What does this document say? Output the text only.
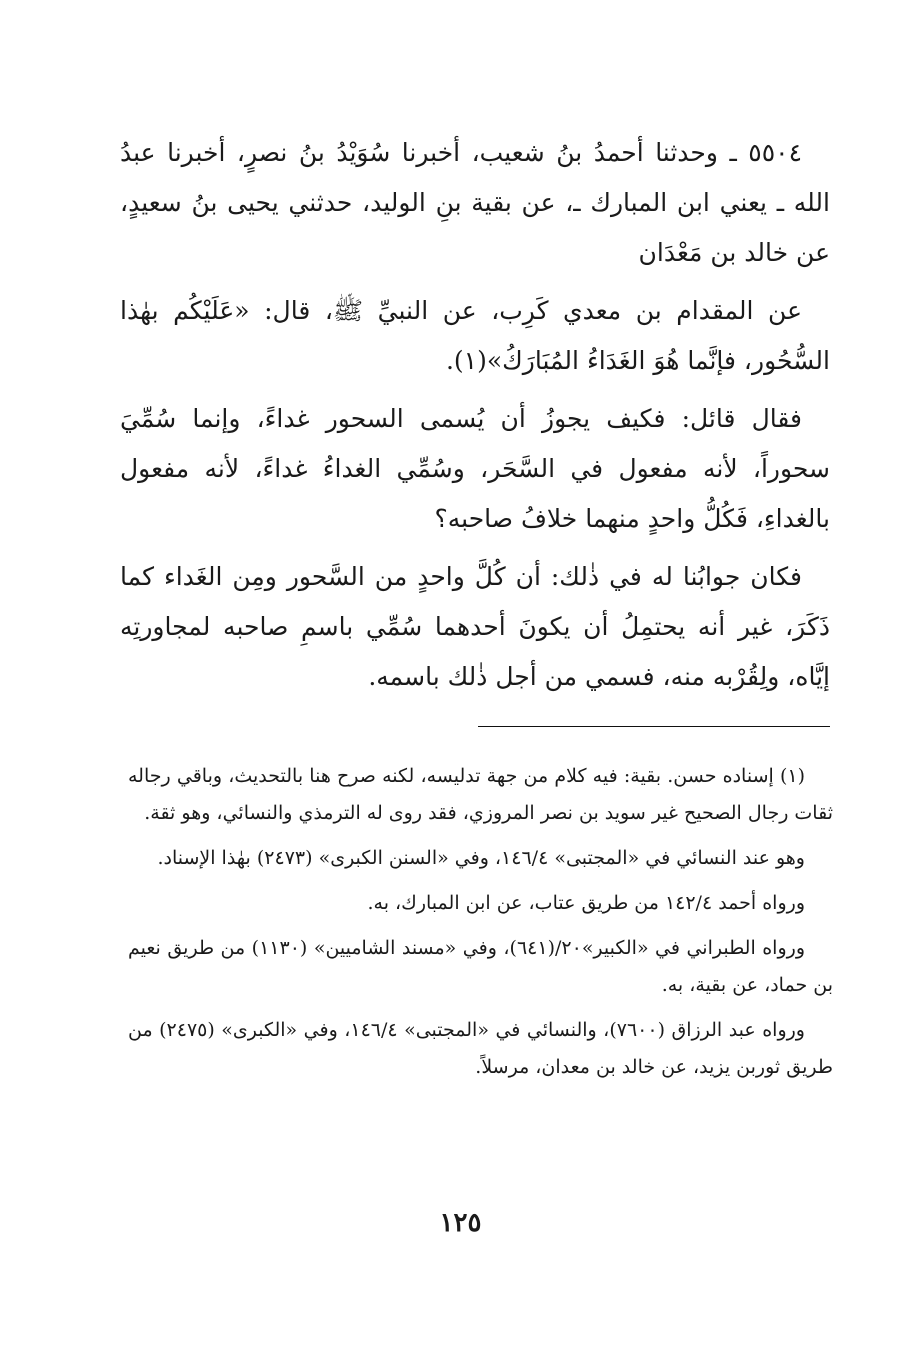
٥٥٠٤ ـ وحدثنا أحمدُ بنُ شعيب، أخبرنا سُوَيْدُ بنُ نصرٍ، أخبرنا عبدُ الله ـ يعني ابن المبارك ـ، عن بقية بنِ الوليد، حدثني يحيى بنُ سعيدٍ، عن خالد بن مَعْدَان

عن المقدام بن معدي كَرِب، عن النبيِّ ﷺ، قال: «عَلَيْكُم بهٰذا السُّحُور، فإنَّما هُوَ الغَدَاءُ المُبَارَكُ»(١).

فقال قائل: فكيف يجوزُ أن يُسمى السحور غداءً، وإنما سُمِّيَ سحوراً، لأنه مفعول في السَّحَر، وسُمِّي الغداءُ غداءً، لأنه مفعول بالغداءِ، فَكُلُّ واحدٍ منهما خلافُ صاحبه؟

فكان جوابُنا له في ذٰلك: أن كُلَّ واحدٍ من السَّحور ومِن الغَداء كما ذَكَرَ، غير أنه يحتمِلُ أن يكونَ أحدهما سُمِّي باسمِ صاحبه لمجاورتِه إيَّاه، ولِقُرْبه منه، فسمي من أجل ذٰلك باسمه.

(١) إسناده حسن. بقية: فيه كلام من جهة تدليسه، لكنه صرح هنا بالتحديث، وباقي رجاله ثقات رجال الصحيح غير سويد بن نصر المروزي، فقد روى له الترمذي والنسائي، وهو ثقة.

وهو عند النسائي في «المجتبى» ١٤٦/٤، وفي «السنن الكبرى» (٢٤٧٣) بهٰذا الإسناد.

ورواه أحمد ١٤٢/٤ من طريق عتاب، عن ابن المبارك، به.

ورواه الطبراني في «الكبير»٢٠/(٦٤١)، وفي «مسند الشاميين» (١١٣٠) من طريق نعيم بن حماد، عن بقية، به.

ورواه عبد الرزاق (٧٦٠٠)، والنسائي في «المجتبى» ١٤٦/٤، وفي «الكبرى» (٢٤٧٥) من طريق ثوربن يزيد، عن خالد بن معدان، مرسلاً.

١٢٥
